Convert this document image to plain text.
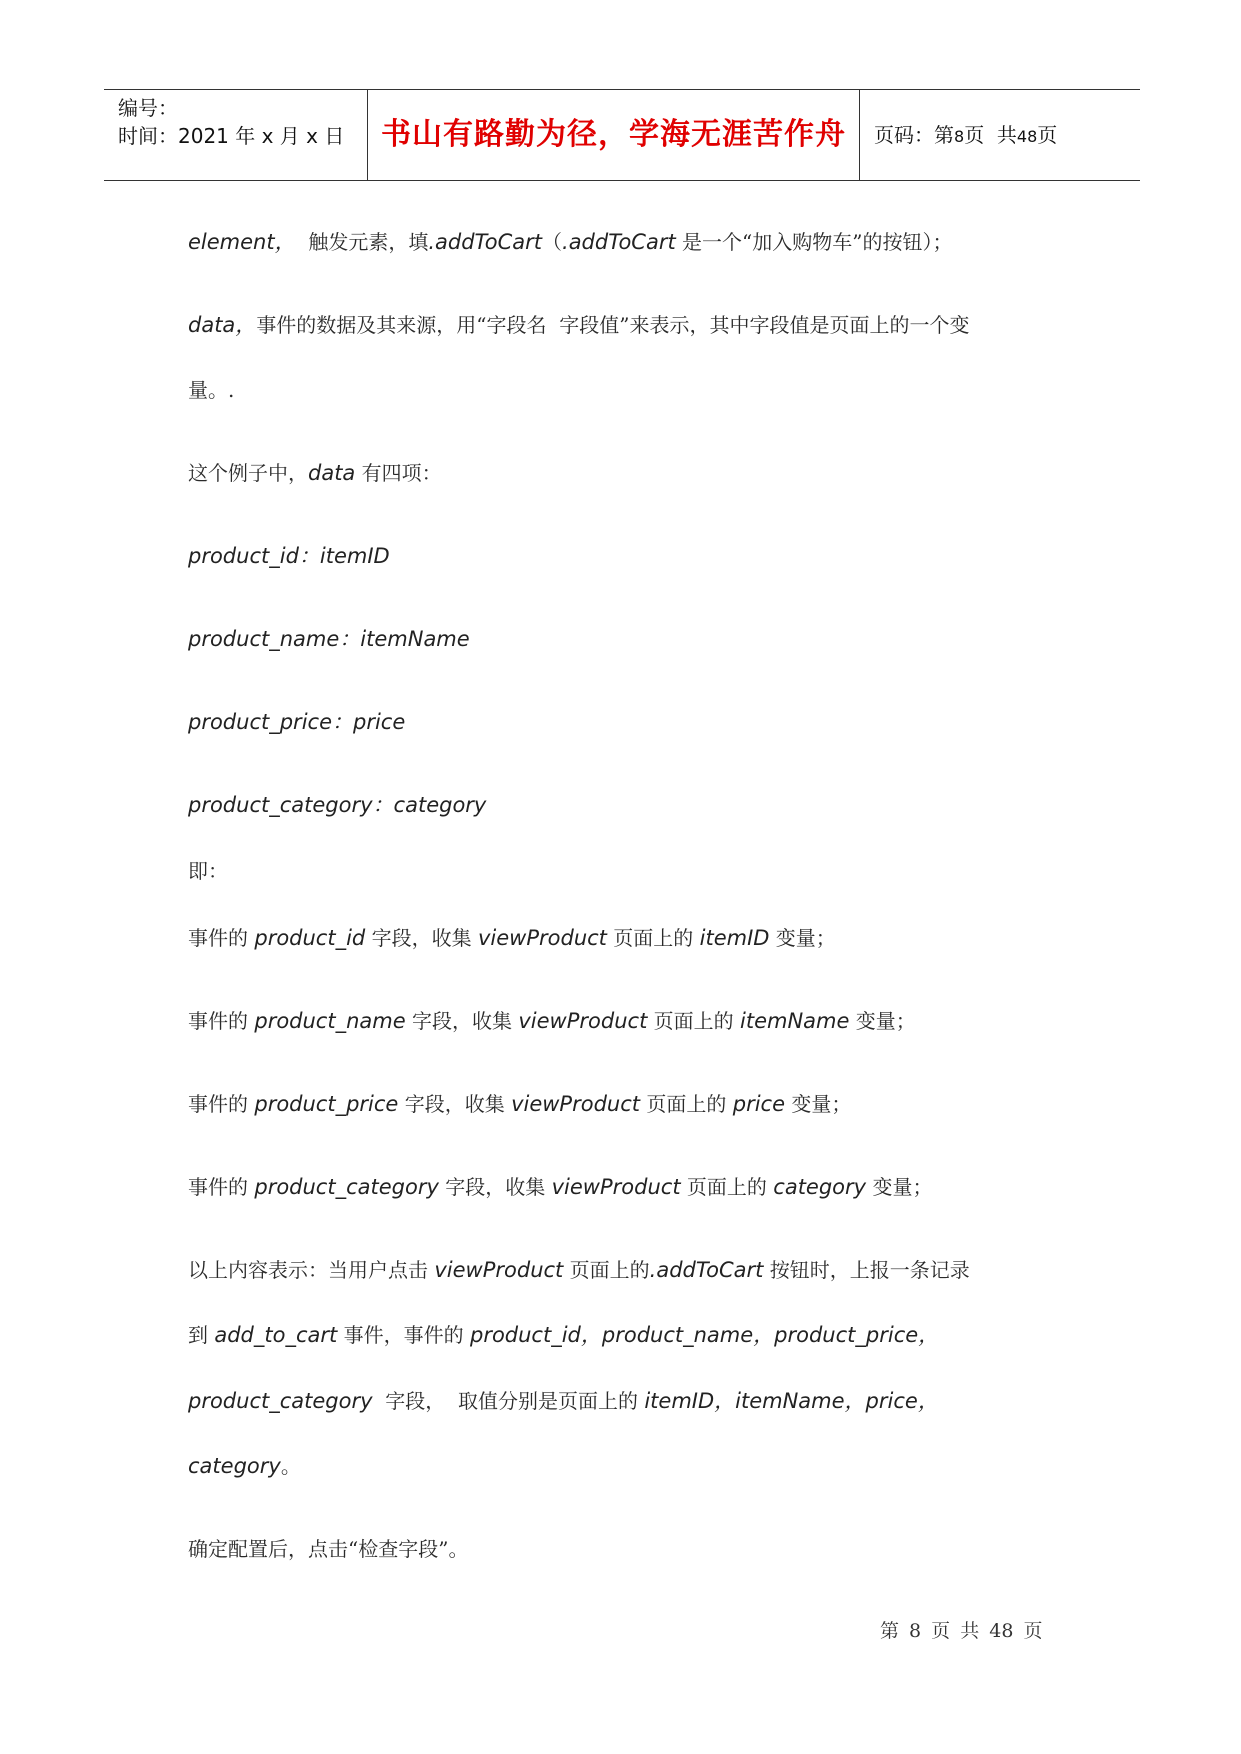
编号：
时间：2021 年 x 月 x 日	书山有路勤为径，学海无涯苦作舟	页码：第8页  共48页
element，  触发元素，填.addToCart（.addToCart 是一个“加入购物车”的按钮）；
data，事件的数据及其来源，用“字段名  字段值”来表示，其中字段值是页面上的一个变
量。.
这个例子中，data 有四项：
product_id：itemID
product_name：itemName
product_price：price
product_category：category
即：
事件的 product_id 字段，收集 viewProduct 页面上的 itemID 变量；
事件的 product_name 字段，收集 viewProduct 页面上的 itemName 变量；
事件的 product_price 字段，收集 viewProduct 页面上的 price 变量；
事件的 product_category 字段，收集 viewProduct 页面上的 category 变量；
以上内容表示：当用户点击 viewProduct 页面上的.addToCart 按钮时，上报一条记录
到 add_to_cart 事件，事件的 product_id，product_name，product_price，
product_category  字段，  取值分别是页面上的 itemID，itemName，price，
category。
确定配置后，点击“检查字段”。
第 8 页 共 48 页
